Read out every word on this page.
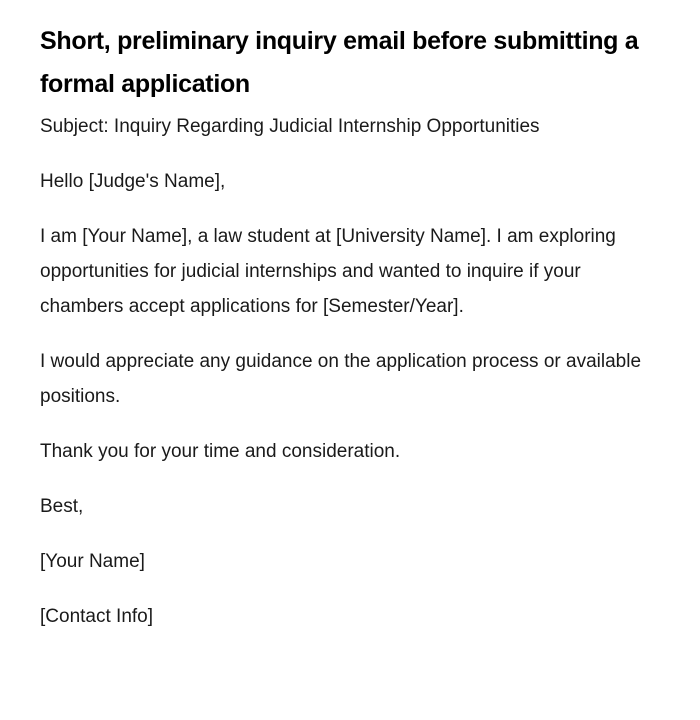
Short, preliminary inquiry email before submitting a formal application

Subject: Inquiry Regarding Judicial Internship Opportunities

Hello [Judge's Name],

I am [Your Name], a law student at [University Name]. I am exploring opportunities for judicial internships and wanted to inquire if your chambers accept applications for [Semester/Year].

I would appreciate any guidance on the application process or available positions.

Thank you for your time and consideration.

Best,

[Your Name]

[Contact Info]
